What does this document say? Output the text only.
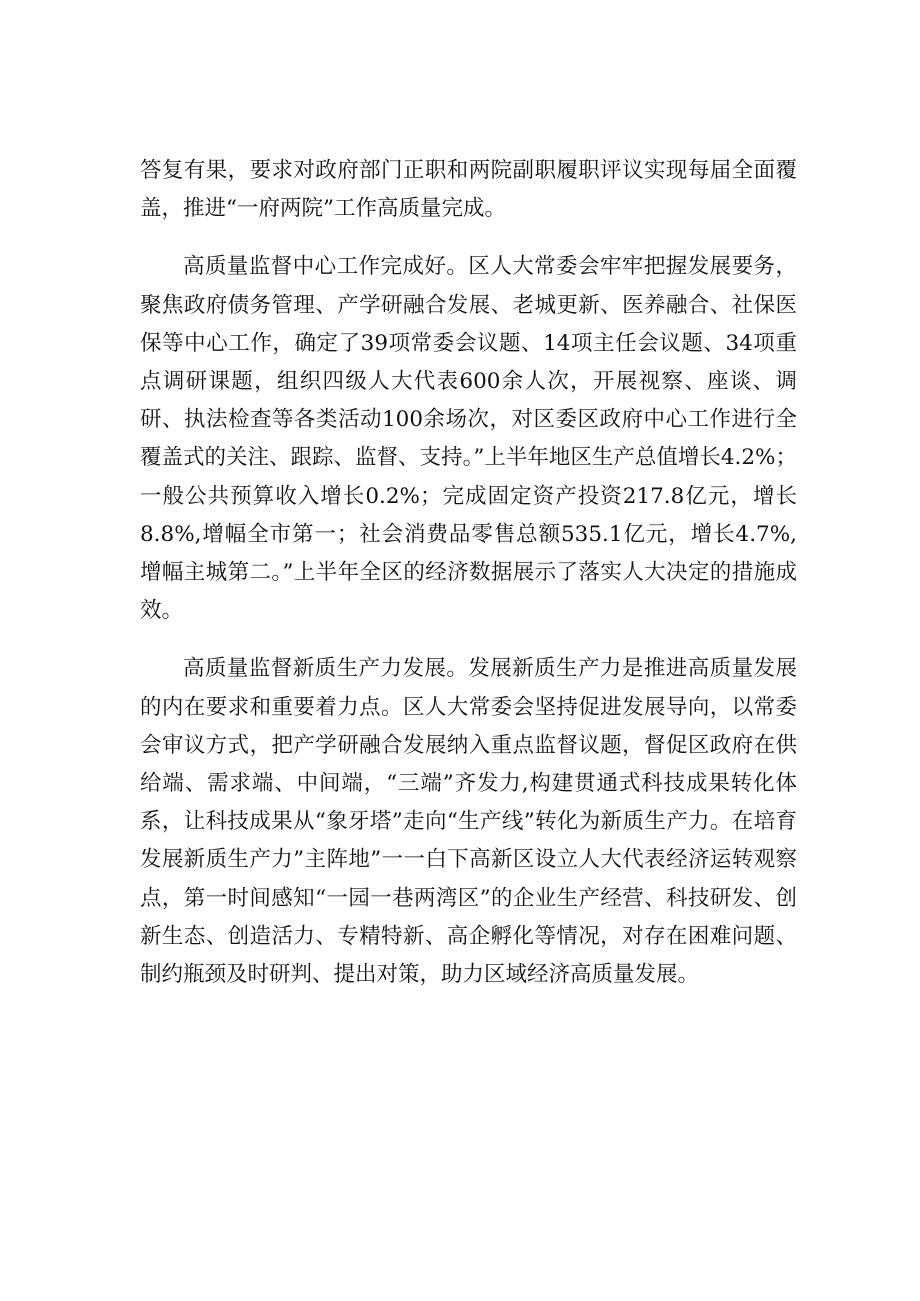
答复有果，要求对政府部门正职和两院副职履职评议实现每届全面覆盖，推进“一府两院”工作高质量完成。

高质量监督中心工作完成好。区人大常委会牢牢把握发展要务，聚焦政府债务管理、产学研融合发展、老城更新、医养融合、社保医保等中心工作，确定了39项常委会议题、14项主任会议题、34项重点调研课题，组织四级人大代表600余人次，开展视察、座谈、调研、执法检查等各类活动100余场次，对区委区政府中心工作进行全覆盖式的关注、跟踪、监督、支持。”上半年地区生产总值增长4.2%；一般公共预算收入增长0.2%；完成固定资产投资217.8亿元，增长8.8%,增幅全市第一；社会消费品零售总额535.1亿元，增长4.7%,增幅主城第二。”上半年全区的经济数据展示了落实人大决定的措施成效。

高质量监督新质生产力发展。发展新质生产力是推进高质量发展的内在要求和重要着力点。区人大常委会坚持促进发展导向，以常委会审议方式，把产学研融合发展纳入重点监督议题，督促区政府在供给端、需求端、中间端，“三端”齐发力,构建贯通式科技成果转化体系，让科技成果从“象牙塔”走向“生产线”转化为新质生产力。在培育发展新质生产力”主阵地”一一白下高新区设立人大代表经济运转观察点，第一时间感知“一园一巷两湾区”的企业生产经营、科技研发、创新生态、创造活力、专精特新、高企孵化等情况，对存在困难问题、制约瓶颈及时研判、提出对策，助力区域经济高质量发展。
